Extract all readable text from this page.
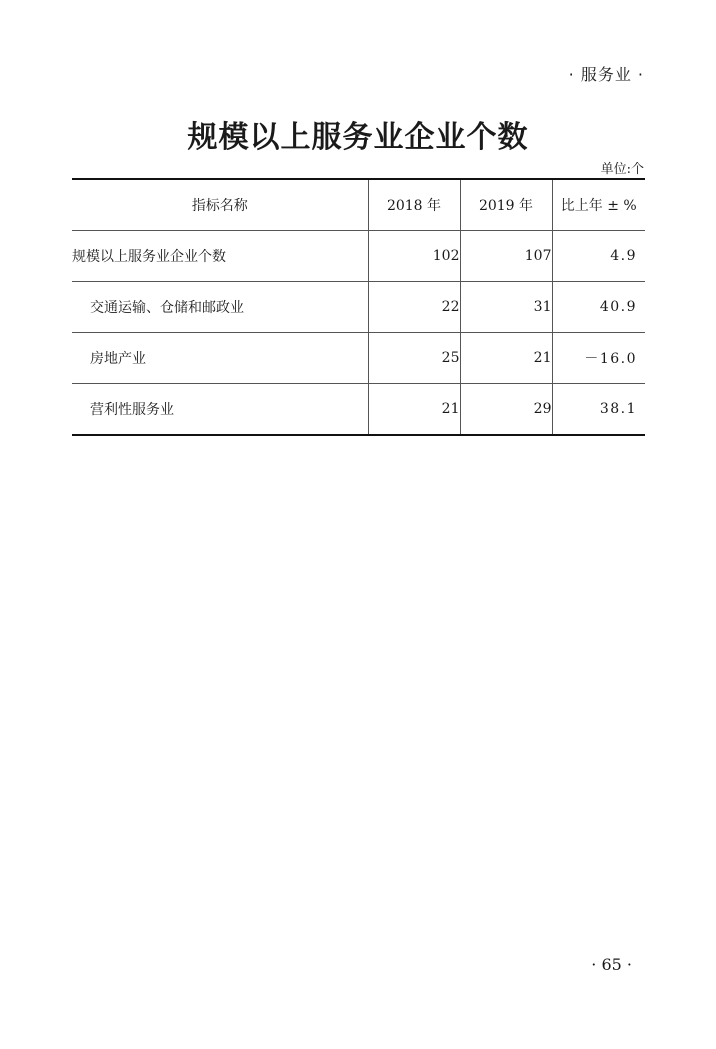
· 服务业 ·
规模以上服务业企业个数
单位:个
指标名称	2018 年	2019 年	比上年 ± %
规模以上服务业企业个数	102	107	4.9
交通运输、仓储和邮政业	22	31	40.9
房地产业	25	21	－16.0
营利性服务业	21	29	38.1
· 65 ·
